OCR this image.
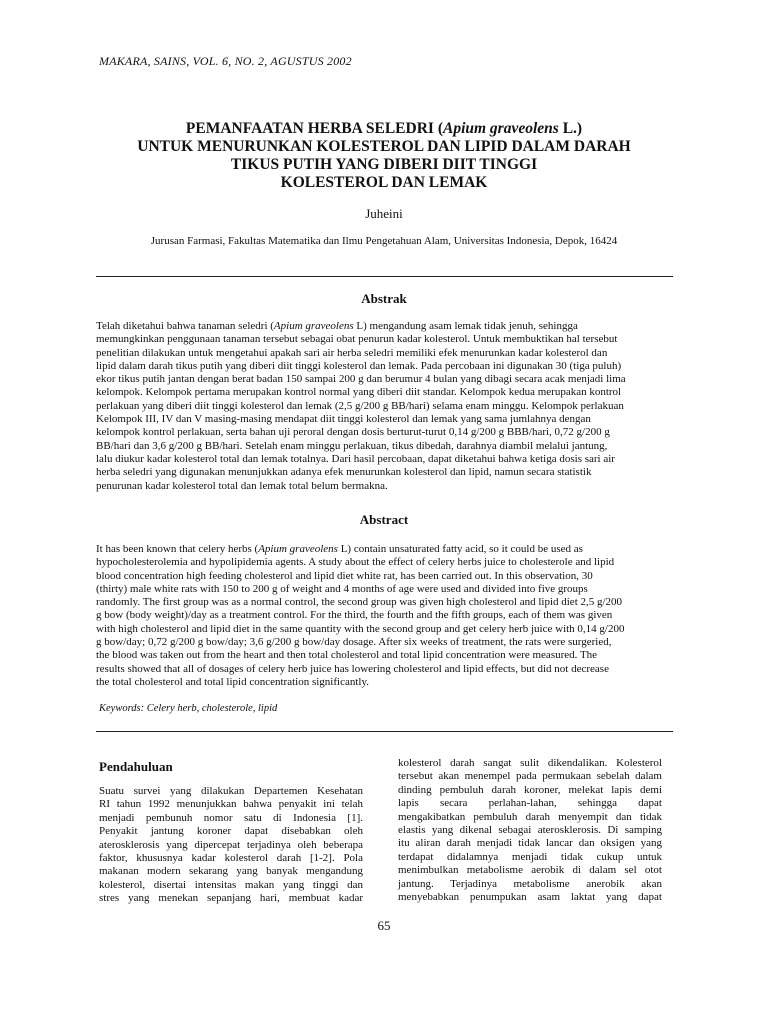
MAKARA, SAINS, VOL. 6, NO. 2, AGUSTUS 2002
PEMANFAATAN HERBA SELEDRI (Apium graveolens L.)
UNTUK MENURUNKAN KOLESTEROL DAN LIPID DALAM DARAH
TIKUS PUTIH YANG DIBERI DIIT TINGGI
KOLESTEROL DAN LEMAK
Juheini
Jurusan Farmasi, Fakultas Matematika dan Ilmu Pengetahuan Alam, Universitas Indonesia, Depok, 16424
Abstrak
Telah diketahui bahwa tanaman seledri (Apium graveolens L) mengandung asam lemak tidak jenuh, sehingga
memungkinkan penggunaan tanaman tersebut sebagai obat penurun kadar kolesterol. Untuk membuktikan hal tersebut
penelitian dilakukan untuk mengetahui apakah sari air herba seledri memiliki efek menurunkan kadar kolesterol dan
lipid dalam darah tikus putih yang diberi diit tinggi kolesterol dan lemak. Pada percobaan ini digunakan 30 (tiga puluh)
ekor tikus putih jantan dengan berat badan 150 sampai 200 g dan berumur 4 bulan yang dibagi secara acak menjadi lima
kelompok. Kelompok pertama merupakan kontrol normal yang diberi diit standar. Kelompok kedua merupakan kontrol
perlakuan yang diberi diit tinggi kolesterol dan lemak (2,5 g/200 g BB/hari) selama enam minggu. Kelompok perlakuan
Kelompok III, IV dan V masing-masing mendapat diit tinggi kolesterol dan lemak yang sama jumlahnya dengan
kelompok kontrol perlakuan, serta bahan uji peroral dengan dosis berturut-turut 0,14 g/200 g BBB/hari, 0,72 g/200 g
BB/hari dan 3,6 g/200 g BB/hari. Setelah enam minggu perlakuan, tikus dibedah, darahnya diambil melalui jantung,
lalu diukur kadar kolesterol total dan lemak totalnya. Dari hasil percobaan, dapat diketahui bahwa ketiga dosis sari air
herba seledri yang digunakan menunjukkan adanya efek menurunkan kolesterol dan lipid, namun secara statistik
penurunan kadar kolesterol total dan lemak total belum bermakna.
Abstract
It has been known that celery herbs (Apium graveolens L) contain unsaturated fatty acid, so it could be used as
hypocholesterolemia and hypolipidemia agents. A study about the effect of celery herbs juice to cholesterole and lipid
blood concentration high feeding cholesterol and lipid diet white rat, has been carried out. In this observation, 30
(thirty) male white rats with 150 to 200 g of weight and 4 months of age were used and divided into five groups
randomly. The first group was as a normal control, the second group was given high cholesterol and lipid diet 2,5 g/200
g bow (body weight)/day as a treatment control. For the third, the fourth and the fifth groups, each of them was given
with high cholesterol and lipid diet in the same quantity with the second group and get celery herb juice with 0,14 g/200
g bow/day; 0,72 g/200 g bow/day; 3,6 g/200 g bow/day dosage. After six weeks of treatment, the rats were surgeried,
the blood was taken out from the heart and then total cholesterol and total lipid concentration were measured. The
results showed that all of dosages of celery herb juice has lowering cholesterol and lipid effects, but did not decrease
the total cholesterol and total lipid concentration significantly.
Keywords: Celery herb, cholesterole, lipid
Pendahuluan
Suatu survei yang dilakukan Departemen Kesehatan
RI tahun 1992 menunjukkan bahwa penyakit ini telah
menjadi pembunuh nomor satu di Indonesia [1].
Penyakit jantung koroner dapat disebabkan oleh
aterosklerosis yang dipercepat terjadinya oleh beberapa
faktor, khususnya kadar kolesterol darah [1-2]. Pola
makanan modern sekarang yang banyak mengandung
kolesterol, disertai intensitas makan yang tinggi dan
stres yang menekan sepanjang hari, membuat kadar
kolesterol darah sangat sulit dikendalikan. Kolesterol
tersebut akan menempel pada permukaan sebelah dalam
dinding pembuluh darah koroner, melekat lapis demi
lapis secara perlahan-lahan, sehingga dapat
mengakibatkan pembuluh darah menyempit dan tidak
elastis yang dikenal sebagai aterosklerosis. Di samping
itu aliran darah menjadi tidak lancar dan oksigen yang
terdapat didalamnya menjadi tidak cukup untuk
menimbulkan metabolisme aerobik di dalam sel otot
jantung. Terjadinya metabolisme anerobik akan
menyebabkan penumpukan asam laktat yang dapat
65
